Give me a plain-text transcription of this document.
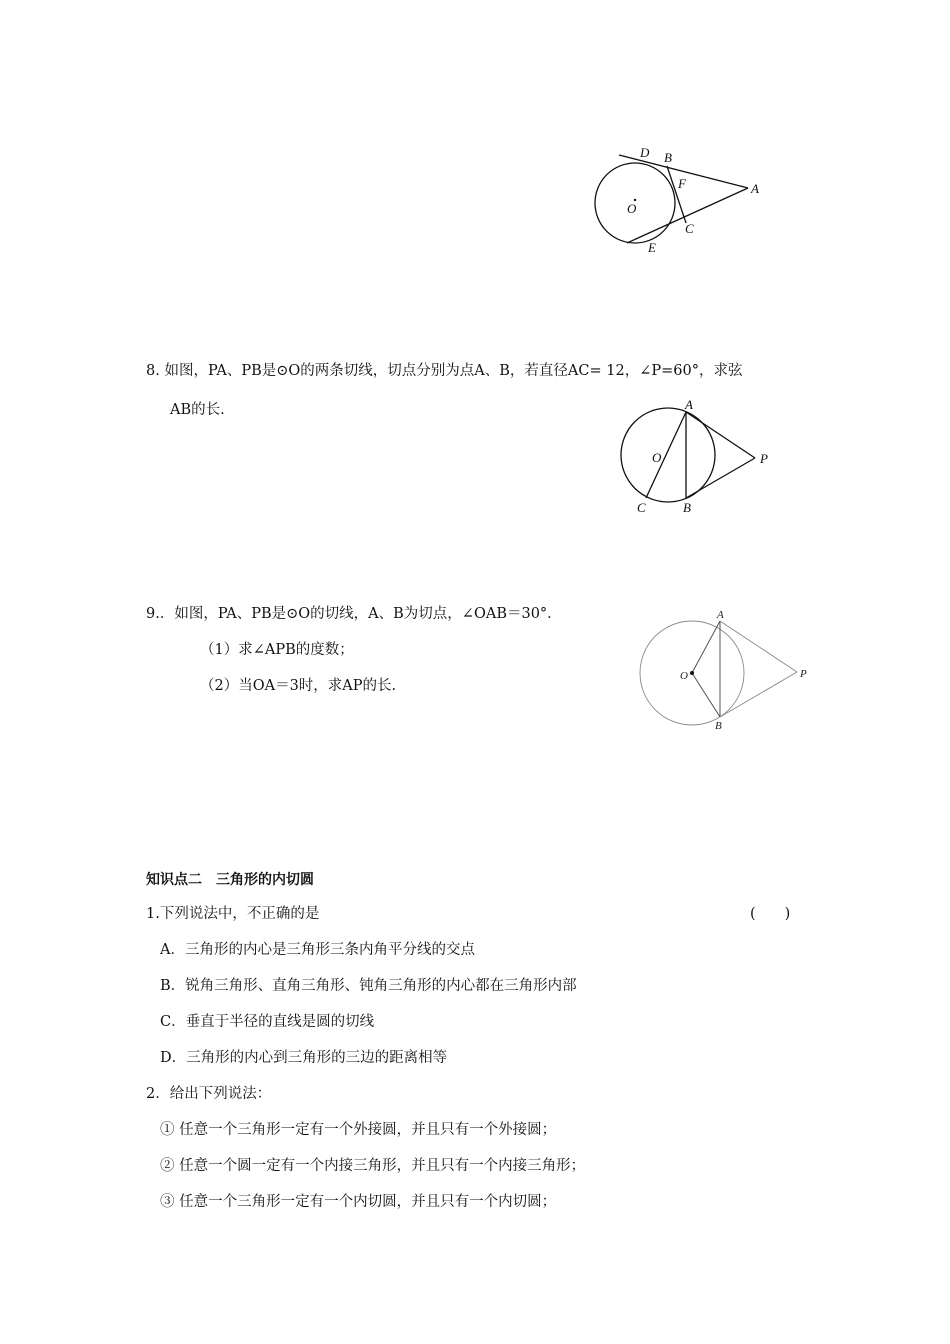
D B
F	A
O
C
E
8. 如图，PA、PB是⊙O的两条切线，切点分别为点A、B，若直径AC= 12，∠P=60°，求弦
AB的长.	A
O	P
C	B
9.．如图，PA、PB是⊙O的切线，A、B为切点，∠OAB＝30°．
（1）求∠APB的度数；
（2）当OA＝3时，求AP的长.
A
O	P
B
知识点二　三角形的内切圆
1.下列说法中，不正确的是	(　　)
A．三角形的内心是三角形三条内角平分线的交点
B．锐角三角形、直角三角形、钝角三角形的内心都在三角形内部
C．垂直于半径的直线是圆的切线
D．三角形的内心到三角形的三边的距离相等
2．给出下列说法：
① 任意一个三角形一定有一个外接圆，并且只有一个外接圆；
② 任意一个圆一定有一个内接三角形，并且只有一个内接三角形；
③ 任意一个三角形一定有一个内切圆，并且只有一个内切圆；
